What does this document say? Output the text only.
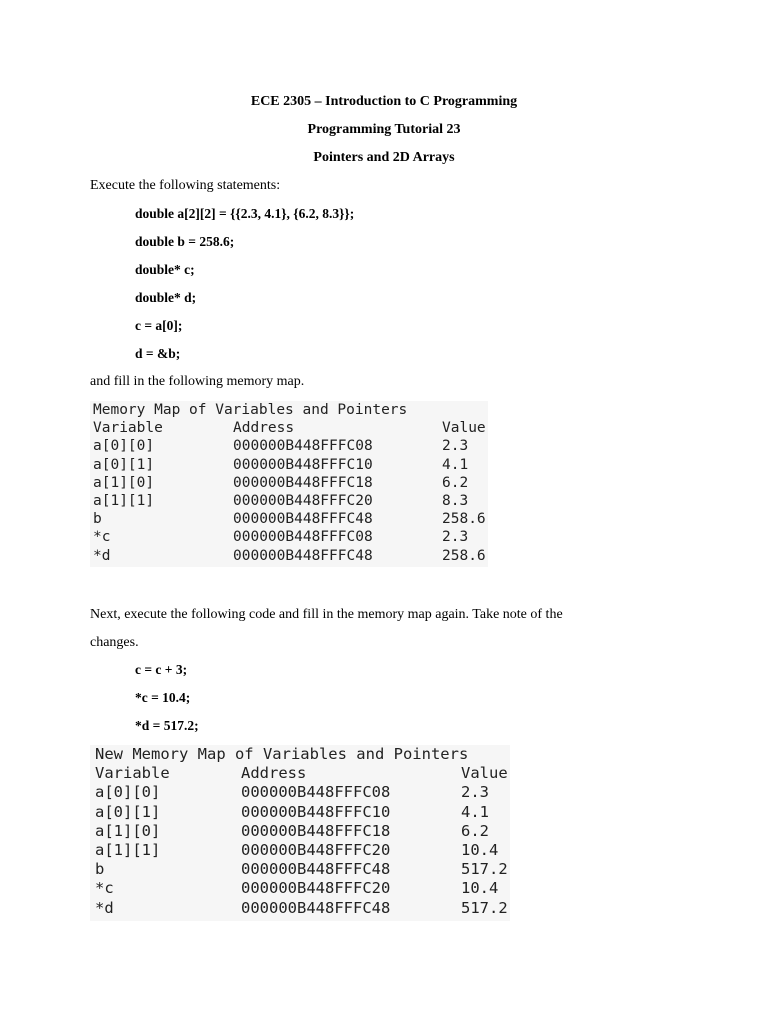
ECE 2305 – Introduction to C Programming
Programming Tutorial 23
Pointers and 2D Arrays
Execute the following statements:
double a[2][2] = {{2.3, 4.1}, {6.2, 8.3}};
double b = 258.6;
double* c;
double* d;
c = a[0];
d = &b;
and fill in the following memory map.
Memory Map of Variables and Pointers
Variable	Address	Value
a[0][0]	000000B448FFFC08	2.3
a[0][1]	000000B448FFFC10	4.1
a[1][0]	000000B448FFFC18	6.2
a[1][1]	000000B448FFFC20	8.3
b	000000B448FFFC48	258.6
*c	000000B448FFFC08	2.3
*d	000000B448FFFC48	258.6
Next, execute the following code and fill in the memory map again. Take note of the
changes.
c = c + 3;
*c = 10.4;
*d = 517.2;
New Memory Map of Variables and Pointers
Variable	Address	Value
a[0][0]	000000B448FFFC08	2.3
a[0][1]	000000B448FFFC10	4.1
a[1][0]	000000B448FFFC18	6.2
a[1][1]	000000B448FFFC20	10.4
b	000000B448FFFC48	517.2
*c	000000B448FFFC20	10.4
*d	000000B448FFFC48	517.2
